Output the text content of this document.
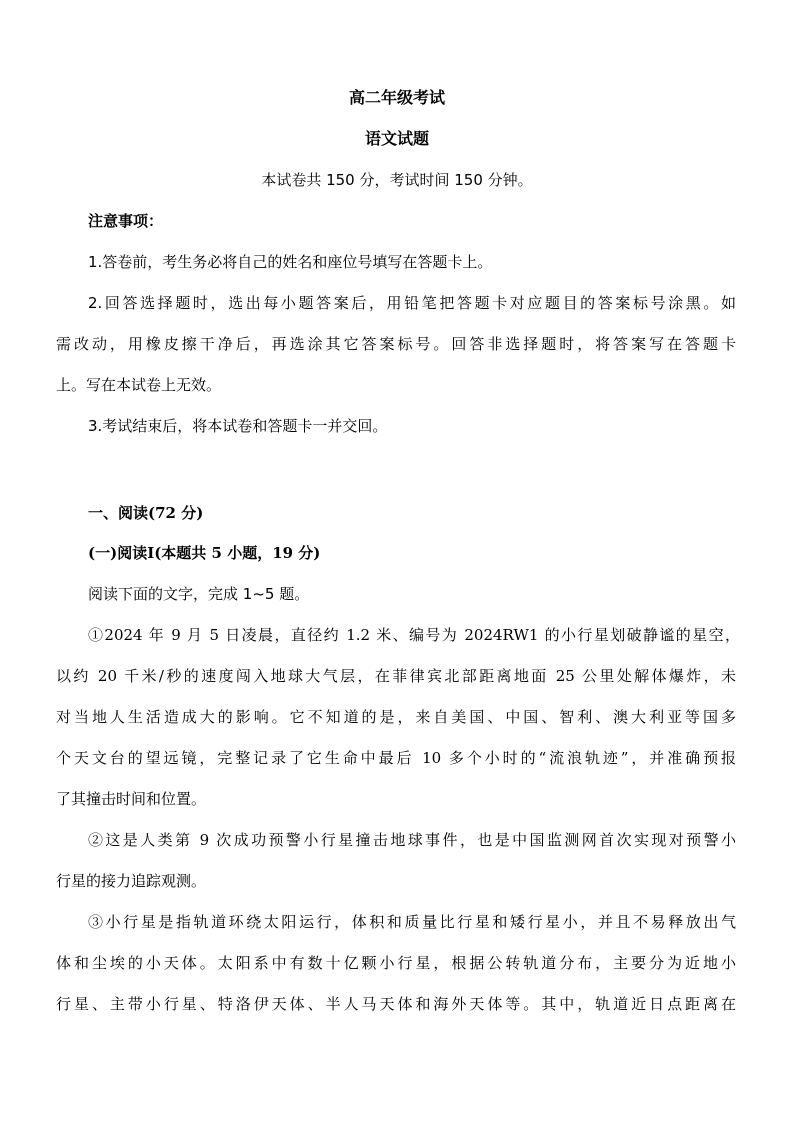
高二年级考试
语文试题
本试卷共 150 分，考试时间 150 分钟。
注意事项：
1.答卷前，考生务必将自己的姓名和座位号填写在答题卡上。
2.回答选择题时，选出每小题答案后，用铅笔把答题卡对应题目的答案标号涂黑。如
需改动，用橡皮擦干净后，再选涂其它答案标号。回答非选择题时，将答案写在答题卡
上。写在本试卷上无效。
3.考试结束后，将本试卷和答题卡一并交回。
一、阅读(72 分)
(一)阅读Ⅰ(本题共 5 小题，19 分)
阅读下面的文字，完成 1~5 题。
①2024 年 9 月 5 日凌晨，直径约 1.2 米、编号为 2024RW1 的小行星划破静谧的星空，
以约 20 千米/秒的速度闯入地球大气层，在菲律宾北部距离地面 25 公里处解体爆炸，未
对当地人生活造成大的影响。它不知道的是，来自美国、中国、智利、澳大利亚等国多
个天文台的望远镜，完整记录了它生命中最后 10 多个小时的“流浪轨迹”，并准确预报
了其撞击时间和位置。
②这是人类第 9 次成功预警小行星撞击地球事件，也是中国监测网首次实现对预警小
行星的接力追踪观测。
③小行星是指轨道环绕太阳运行，体积和质量比行星和矮行星小，并且不易释放出气
体和尘埃的小天体。太阳系中有数十亿颗小行星，根据公转轨道分布，主要分为近地小
行星、主带小行星、特洛伊天体、半人马天体和海外天体等。其中，轨道近日点距离在
